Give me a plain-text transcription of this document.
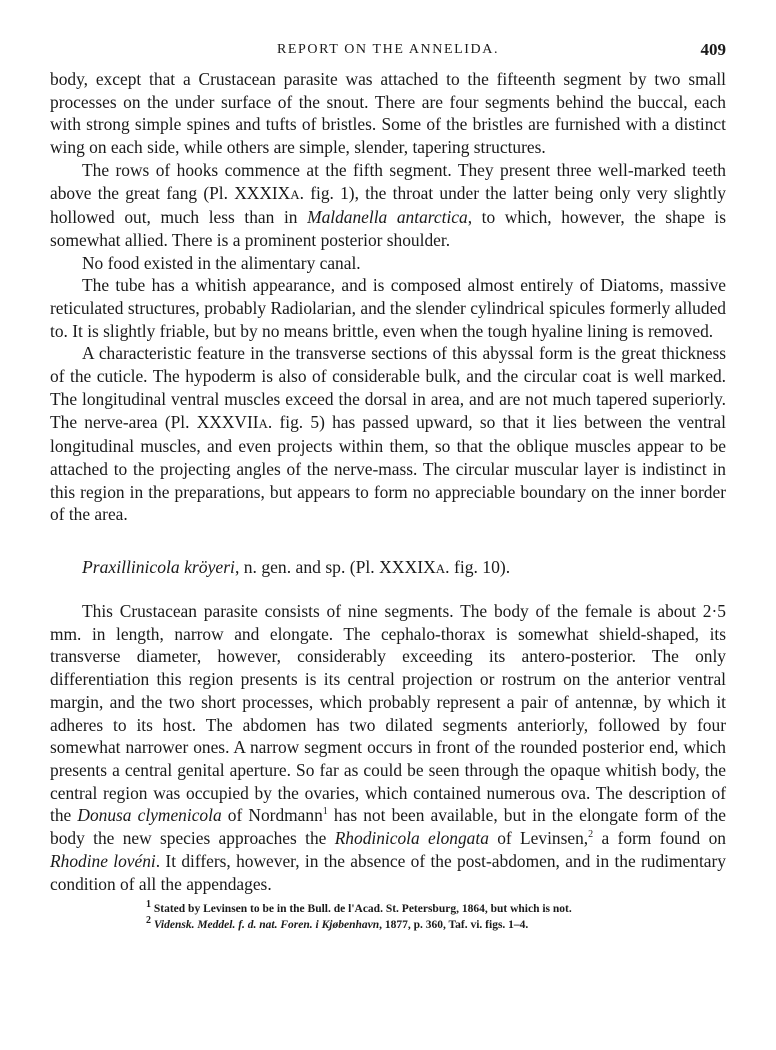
REPORT ON THE ANNELIDA.	409

body, except that a Crustacean parasite was attached to the fifteenth segment by two small processes on the under surface of the snout. There are four segments behind the buccal, each with strong simple spines and tufts of bristles. Some of the bristles are furnished with a distinct wing on each side, while others are simple, slender, tapering structures.

The rows of hooks commence at the fifth segment. They present three well-marked teeth above the great fang (Pl. XXXIXA. fig. 1), the throat under the latter being only very slightly hollowed out, much less than in Maldanella antarctica, to which, however, the shape is somewhat allied. There is a prominent posterior shoulder.

No food existed in the alimentary canal.

The tube has a whitish appearance, and is composed almost entirely of Diatoms, massive reticulated structures, probably Radiolarian, and the slender cylindrical spicules formerly alluded to. It is slightly friable, but by no means brittle, even when the tough hyaline lining is removed.

A characteristic feature in the transverse sections of this abyssal form is the great thickness of the cuticle. The hypoderm is also of considerable bulk, and the circular coat is well marked. The longitudinal ventral muscles exceed the dorsal in area, and are not much tapered superiorly. The nerve-area (Pl. XXXVIIA. fig. 5) has passed upward, so that it lies between the ventral longitudinal muscles, and even projects within them, so that the oblique muscles appear to be attached to the projecting angles of the nerve-mass. The circular muscular layer is indistinct in this region in the preparations, but appears to form no appreciable boundary on the inner border of the area.

Praxillinicola kröyeri, n. gen. and sp. (Pl. XXXIXA. fig. 10).

This Crustacean parasite consists of nine segments. The body of the female is about 2·5 mm. in length, narrow and elongate. The cephalo-thorax is somewhat shield-shaped, its transverse diameter, however, considerably exceeding its antero-posterior. The only differentiation this region presents is its central projection or rostrum on the anterior ventral margin, and the two short processes, which probably represent a pair of antennæ, by which it adheres to its host. The abdomen has two dilated segments anteriorly, followed by four somewhat narrower ones. A narrow segment occurs in front of the rounded posterior end, which presents a central genital aperture. So far as could be seen through the opaque whitish body, the central region was occupied by the ovaries, which contained numerous ova. The description of the Donusa clymenicola of Nordmann$^1$ has not been available, but in the elongate form of the body the new species approaches the Rhodinicola elongata of Levinsen,$^2$ a form found on Rhodine lovéni. It differs, however, in the absence of the post-abdomen, and in the rudimentary condition of all the appendages.

$^1$ Stated by Levinsen to be in the Bull. de l'Acad. St. Petersburg, 1864, but which is not.
$^2$ Vidensk. Meddel. f. d. nat. Foren. i Kjøbenhavn, 1877, p. 360, Taf. vi. figs. 1–4.
